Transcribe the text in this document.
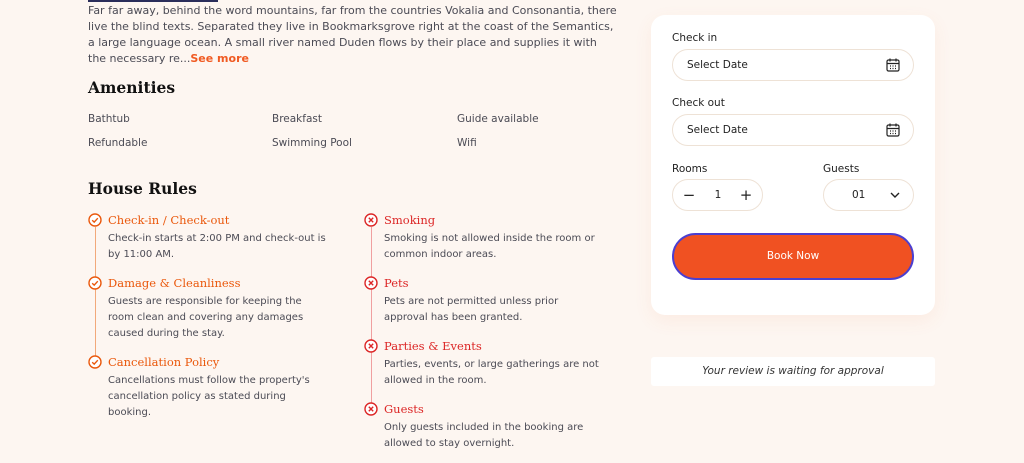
Far far away, behind the word mountains, far from the countries Vokalia and Consonantia, there live the blind texts. Separated they live in Bookmarksgrove right at the coast of the Semantics, a large language ocean. A small river named Duden flows by their place and supplies it with the necessary re...See more

Amenities
Bathtub	Breakfast	Guide available
Refundable	Swimming Pool	Wifi
House Rules
Check-in / Check-out
Check-in starts at 2:00 PM and check-out is by 11:00 AM.
Damage & Cleanliness
Guests are responsible for keeping the room clean and covering any damages caused during the stay.
Cancellation Policy
Cancellations must follow the property's cancellation policy as stated during booking.
Smoking
Smoking is not allowed inside the room or common indoor areas.
Pets
Pets are not permitted unless prior approval has been granted.
Parties & Events
Parties, events, or large gatherings are not allowed in the room.
Guests
Only guests included in the booking are allowed to stay overnight.
Check in
Select Date
Check out
Select Date
Rooms
−	1	+
Guests
01
Book Now
Your review is waiting for approval
